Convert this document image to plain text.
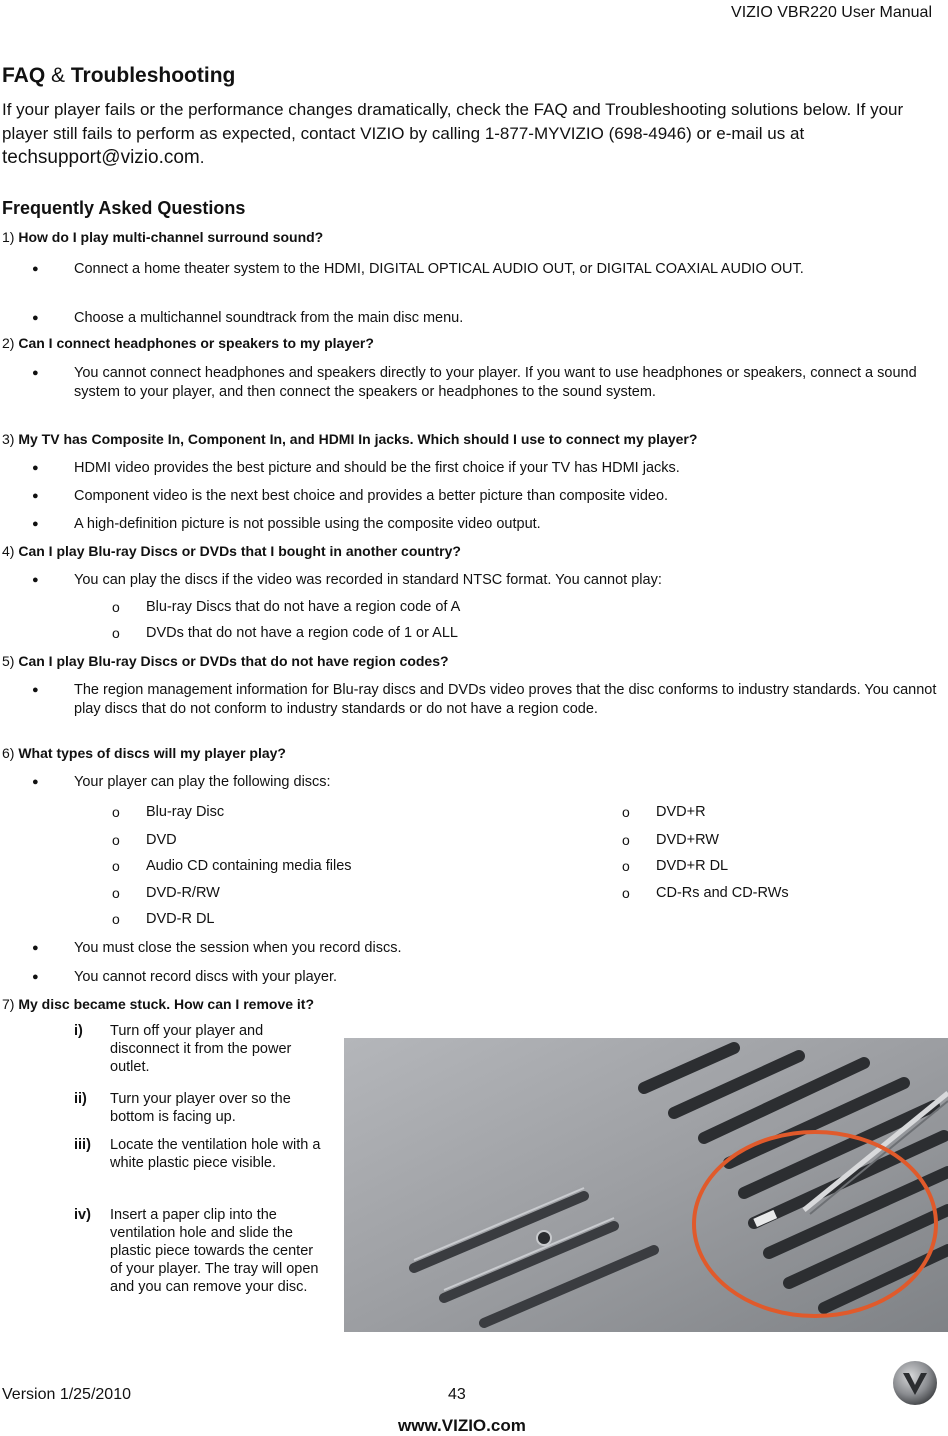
VIZIO VBR220 User Manual
FAQ & Troubleshooting
If your player fails or the performance changes dramatically, check the FAQ and Troubleshooting solutions below. If your player still fails to perform as expected, contact VIZIO by calling 1-877-MYVIZIO (698-4946) or e-mail us at techsupport@vizio.com.
Frequently Asked Questions
1) How do I play multi-channel surround sound?
● Connect a home theater system to the HDMI, DIGITAL OPTICAL AUDIO OUT, or DIGITAL COAXIAL AUDIO OUT.
● Choose a multichannel soundtrack from the main disc menu.
2) Can I connect headphones or speakers to my player?
● You cannot connect headphones and speakers directly to your player. If you want to use headphones or speakers, connect a sound system to your player, and then connect the speakers or headphones to the sound system.
3) My TV has Composite In, Component In, and HDMI In jacks. Which should I use to connect my player?
● HDMI video provides the best picture and should be the first choice if your TV has HDMI jacks.
● Component video is the next best choice and provides a better picture than composite video.
● A high-definition picture is not possible using the composite video output.
4) Can I play Blu-ray Discs or DVDs that I bought in another country?
● You can play the discs if the video was recorded in standard NTSC format. You cannot play:
o Blu-ray Discs that do not have a region code of A
o DVDs that do not have a region code of 1 or ALL
5) Can I play Blu-ray Discs or DVDs that do not have region codes?
● The region management information for Blu-ray discs and DVDs video proves that the disc conforms to industry standards. You cannot play discs that do not conform to industry standards or do not have a region code.
6) What types of discs will my player play?
● Your player can play the following discs:
o Blu-ray Disc
o DVD
o Audio CD containing media files
o DVD-R/RW
o DVD-R DL
o DVD+R
o DVD+RW
o DVD+R DL
o CD-Rs and CD-RWs
● You must close the session when you record discs.
● You cannot record discs with your player.
7) My disc became stuck. How can I remove it?
i) Turn off your player and disconnect it from the power outlet.
ii) Turn your player over so the bottom is facing up.
iii) Locate the ventilation hole with a white plastic piece visible.
iv) Insert a paper clip into the ventilation hole and slide the plastic piece towards the center of your player. The tray will open and you can remove your disc.
Version 1/25/2010	43
www.VIZIO.com
